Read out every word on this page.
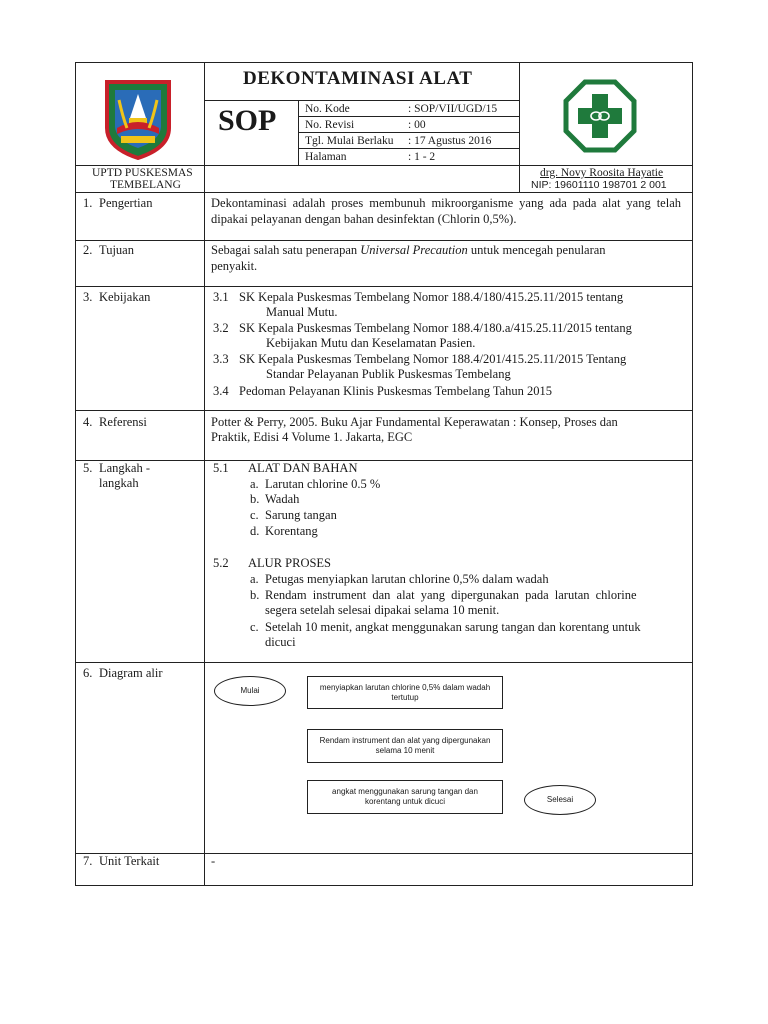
DEKONTAMINASI ALAT
SOP No. Kode	: SOP/VII/UGD/15
No. Revisi	: 00
Tgl. Mulai Berlaku : 17 Agustus 2016
Halaman	: 1 - 2
UPTD PUSKESMAS
TEMBELANG
drg. Novy Roosita Hayatie
NIP: 19601110 198701 2 001
1. Pengertian	Dekontaminasi adalah proses membunuh mikroorganisme yang ada pada alat yang telah dipakai pelayanan dengan bahan desinfektan (Chlorin 0,5%).
2. Tujuan	Sebagai salah satu penerapan Universal Precaution untuk mencegah penularan
penyakit.
3. Kebijakan	3.1 SK Kepala Puskesmas Tembelang Nomor 188.4/180/415.25.11/2015 tentang
Manual Mutu.
3.2 SK Kepala Puskesmas Tembelang Nomor 188.4/180.a/415.25.11/2015 tentang
Kebijakan Mutu dan Keselamatan Pasien.
3.3 SK Kepala Puskesmas Tembelang Nomor 188.4/201/415.25.11/2015 Tentang
Standar Pelayanan Publik Puskesmas Tembelang
3.4 Pedoman Pelayanan Klinis Puskesmas Tembelang Tahun 2015
4. Referensi	Potter & Perry, 2005. Buku Ajar Fundamental Keperawatan : Konsep, Proses dan
Praktik, Edisi 4 Volume 1. Jakarta, EGC
5. Langkah -
langkah
5.1 ALAT DAN BAHAN
a. Larutan chlorine 0.5 %
b. Wadah
c. Sarung tangan
d. Korentang
5.2 ALUR PROSES
a. Petugas menyiapkan larutan chlorine 0,5% dalam wadah
b. Rendam instrument dan alat yang dipergunakan pada larutan chlorine
segera setelah selesai dipakai selama 10 menit.
c. Setelah 10 menit, angkat menggunakan sarung tangan dan korentang untuk
dicuci
6. Diagram alir
Mulai	menyiapkan larutan chlorine 0,5% dalam wadah tertutup
Rendam instrument dan alat yang dipergunakan selama 10 menit
angkat menggunakan sarung tangan dan korentang untuk dicuci	Selesai
7. Unit Terkait	-
